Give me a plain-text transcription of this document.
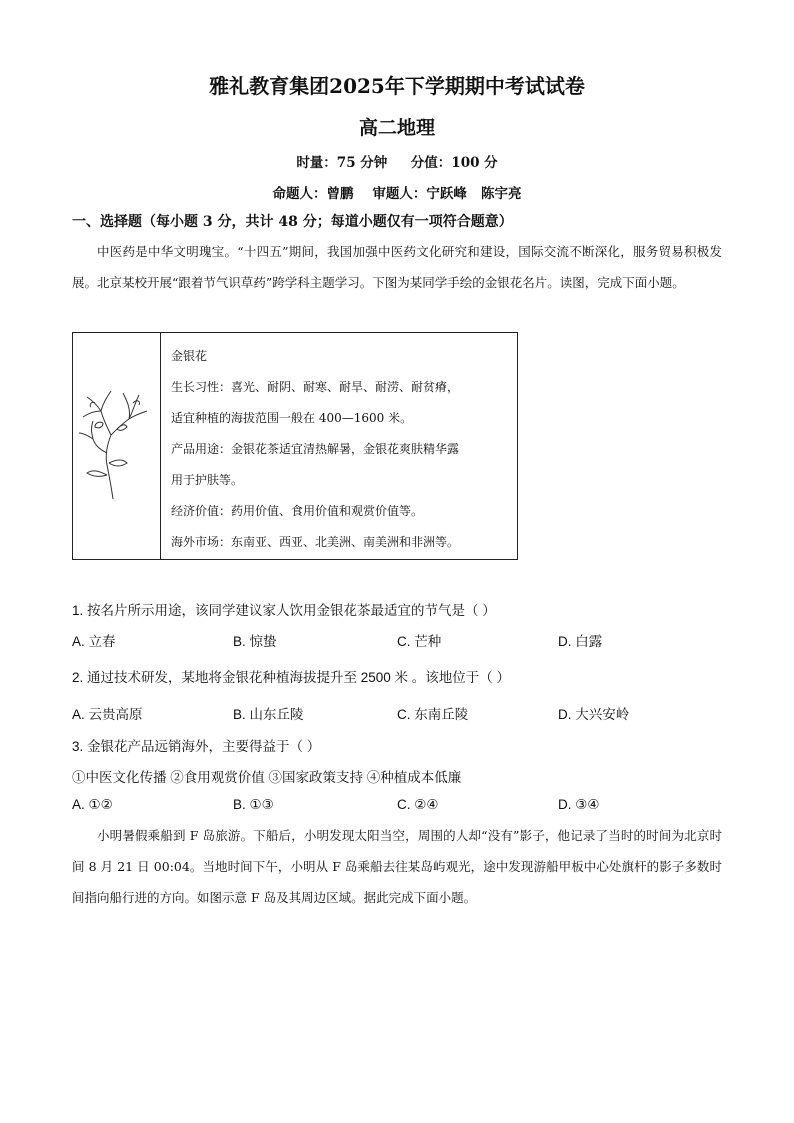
雅礼教育集团2025年下学期期中考试试卷
高二地理
时量：75 分钟     分值：100 分
命题人：曾鹏    审题人：宁跃峰   陈宇亮
一、选择题（每小题 3 分，共计 48 分；每道小题仅有一项符合题意）
中医药是中华文明瑰宝。“十四五”期间，我国加强中医药文化研究和建设，国际交流不断深化，服务贸易积极发展。北京某校开展“跟着节气识草药”跨学科主题学习。下图为某同学手绘的金银花名片。读图，完成下面小题。
金银花
生长习性：喜光、耐阴、耐寒、耐旱、耐涝、耐贫瘠，
适宜种植的海拔范围一般在 400—1600 米。
产品用途：金银花茶适宜清热解暑，金银花爽肤精华露
用于护肤等。
经济价值：药用价值、食用价值和观赏价值等。
海外市场：东南亚、西亚、北美洲、南美洲和非洲等。
1. 按名片所示用途，该同学建议家人饮用金银花茶最适宜的节气是（ ）
A. 立春	B. 惊蛰	C. 芒种	D. 白露
2. 通过技术研发，某地将金银花种植海拔提升至 2500 米 。该地位于（ ）
A. 云贵高原	B. 山东丘陵	C. 东南丘陵	D. 大兴安岭
3. 金银花产品远销海外，主要得益于（ ）
①中医文化传播 ②食用观赏价值 ③国家政策支持 ④种植成本低廉
A. ①②	B. ①③	C. ②④	D. ③④
小明暑假乘船到 F 岛旅游。下船后，小明发现太阳当空，周围的人却“没有”影子，他记录了当时的时间为北京时间 8 月 21 日 00:04。当地时间下午，小明从 F 岛乘船去往某岛屿观光，途中发现游船甲板中心处旗杆的影子多数时间指向船行进的方向。如图示意 F 岛及其周边区域。据此完成下面小题。
